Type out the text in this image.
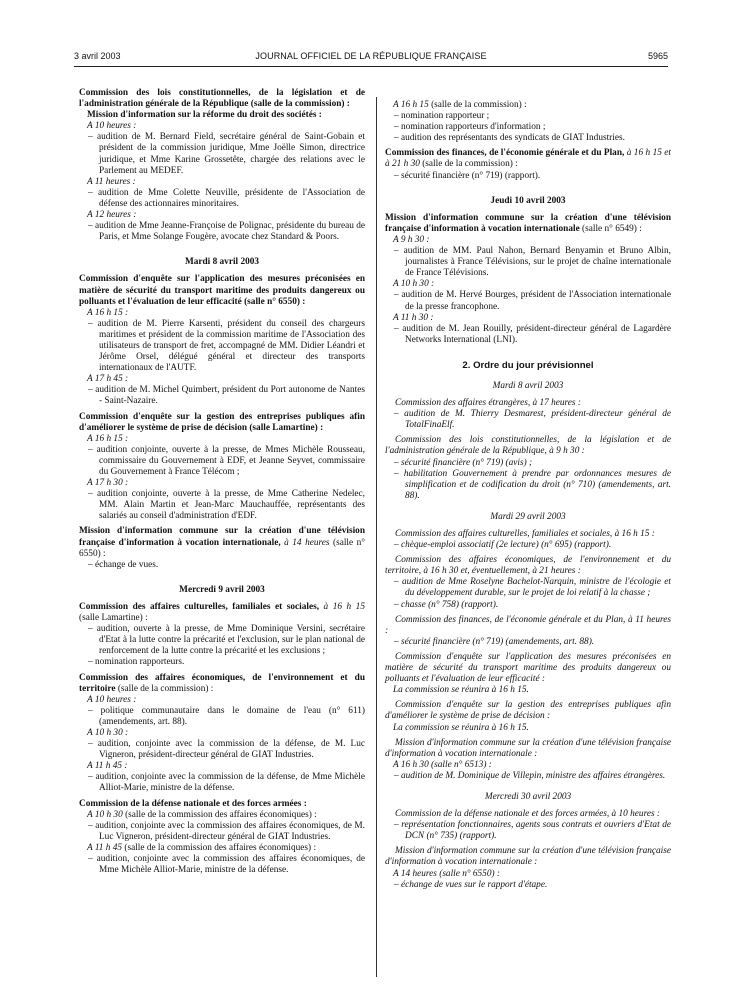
3 avril 2003	JOURNAL OFFICIEL DE LA RÉPUBLIQUE FRANÇAISE	5965

Commission des lois constitutionnelles, de la législation et de l'administration générale de la République (salle de la commission) :

Mission d'information sur la réforme du droit des sociétés :

A 10 heures :

– audition de M. Bernard Field, secrétaire général de Saint-Gobain et président de la commission juridique, Mme Joëlle Simon, directrice juridique, et Mme Karine Grossetête, chargée des relations avec le Parlement au MEDEF.

A 11 heures :

– audition de Mme Colette Neuville, présidente de l'Association de défense des actionnaires minoritaires.

A 12 heures :

– audition de Mme Jeanne-Françoise de Polignac, présidente du bureau de Paris, et Mme Solange Fougère, avocate chez Standard & Poors.

Mardi 8 avril 2003

Commission d'enquête sur l'application des mesures préconisées en matière de sécurité du transport maritime des produits dangereux ou polluants et l'évaluation de leur efficacité (salle n° 6550) :

A 16 h 15 :

– audition de M. Pierre Karsenti, président du conseil des chargeurs maritimes et président de la commission maritime de l'Association des utilisateurs de transport de fret, accompagné de MM. Didier Léandri et Jérôme Orsel, délégué général et directeur des transports internationaux de l'AUTF.

A 17 h 45 :

– audition de M. Michel Quimbert, président du Port autonome de Nantes - Saint-Nazaire.

Commission d'enquête sur la gestion des entreprises publiques afin d'améliorer le système de prise de décision (salle Lamartine) :

A 16 h 15 :

– audition conjointe, ouverte à la presse, de Mmes Michèle Rousseau, commissaire du Gouvernement à EDF, et Jeanne Seyvet, commissaire du Gouvernement à France Télécom ;

A 17 h 30 :

– audition conjointe, ouverte à la presse, de Mme Catherine Nedelec, MM. Alain Martin et Jean-Marc Mauchauffée, représentants des salariés au conseil d'administration d'EDF.

Mission d'information commune sur la création d'une télévision française d'information à vocation internationale, à 14 heures (salle n° 6550) :

– échange de vues.

Mercredi 9 avril 2003

Commission des affaires culturelles, familiales et sociales, à 16 h 15 (salle Lamartine) :

– audition, ouverte à la presse, de Mme Dominique Versini, secrétaire d'Etat à la lutte contre la précarité et l'exclusion, sur le plan national de renforcement de la lutte contre la précarité et les exclusions ;

– nomination rapporteurs.

Commission des affaires économiques, de l'environnement et du territoire (salle de la commission) :

A 10 heures :

– politique communautaire dans le domaine de l'eau (n° 611) (amendements, art. 88).

A 10 h 30 :

– audition, conjointe avec la commission de la défense, de M. Luc Vigneron, président-directeur général de GIAT Industries.

A 11 h 45 :

– audition, conjointe avec la commission de la défense, de Mme Michèle Alliot-Marie, ministre de la défense.

Commission de la défense nationale et des forces armées :

A 10 h 30 (salle de la commission des affaires économiques) :

– audition, conjointe avec la commission des affaires économiques, de M. Luc Vigneron, président-directeur général de GIAT Industries.

A 11 h 45 (salle de la commission des affaires économiques) :

– audition, conjointe avec la commission des affaires économiques, de Mme Michèle Alliot-Marie, ministre de la défense.

A 16 h 15 (salle de la commission) :

– nomination rapporteur ;

– nomination rapporteurs d'information ;

– audition des représentants des syndicats de GIAT Industries.

Commission des finances, de l'économie générale et du Plan, à 16 h 15 et à 21 h 30 (salle de la commission) :

– sécurité financière (n° 719) (rapport).

Jeudi 10 avril 2003

Mission d'information commune sur la création d'une télévision française d'information à vocation internationale (salle n° 6549) :

A 9 h 30 :

– audition de MM. Paul Nahon, Bernard Benyamin et Bruno Albin, journalistes à France Télévisions, sur le projet de chaîne internationale de France Télévisions.

A 10 h 30 :

– audition de M. Hervé Bourges, président de l'Association internationale de la presse francophone.

A 11 h 30 :

– audition de M. Jean Rouilly, président-directeur général de Lagardère Networks International (LNI).

2. Ordre du jour prévisionnel

Mardi 8 avril 2003

Commission des affaires étrangères, à 17 heures :

– audition de M. Thierry Desmarest, président-directeur général de TotalFinaElf.

Commission des lois constitutionnelles, de la législation et de l'administration générale de la République, à 9 h 30 :

– sécurité financière (n° 719) (avis) ;

– habilitation Gouvernement à prendre par ordonnances mesures de simplification et de codification du droit (n° 710) (amendements, art. 88).

Mardi 29 avril 2003

Commission des affaires culturelles, familiales et sociales, à 16 h 15 :

– chèque-emploi associatif (2e lecture) (n° 695) (rapport).

Commission des affaires économiques, de l'environnement et du territoire, à 16 h 30 et, éventuellement, à 21 heures :

– audition de Mme Roselyne Bachelot-Narquin, ministre de l'écologie et du développement durable, sur le projet de loi relatif à la chasse ;

– chasse (n° 758) (rapport).

Commission des finances, de l'économie générale et du Plan, à 11 heures :

– sécurité financière (n° 719) (amendements, art. 88).

Commission d'enquête sur l'application des mesures préconisées en matière de sécurité du transport maritime des produits dangereux ou polluants et l'évaluation de leur efficacité :

La commission se réunira à 16 h 15.

Commission d'enquête sur la gestion des entreprises publiques afin d'améliorer le système de prise de décision :

La commission se réunira à 16 h 15.

Mission d'information commune sur la création d'une télévision française d'information à vocation internationale :

A 16 h 30 (salle n° 6513) :

– audition de M. Dominique de Villepin, ministre des affaires étrangères.

Mercredi 30 avril 2003

Commission de la défense nationale et des forces armées, à 10 heures :

– représentation fonctionnaires, agents sous contrats et ouvriers d'Etat de DCN (n° 735) (rapport).

Mission d'information commune sur la création d'une télévision française d'information à vocation internationale :

A 14 heures (salle n° 6550) :

– échange de vues sur le rapport d'étape.
